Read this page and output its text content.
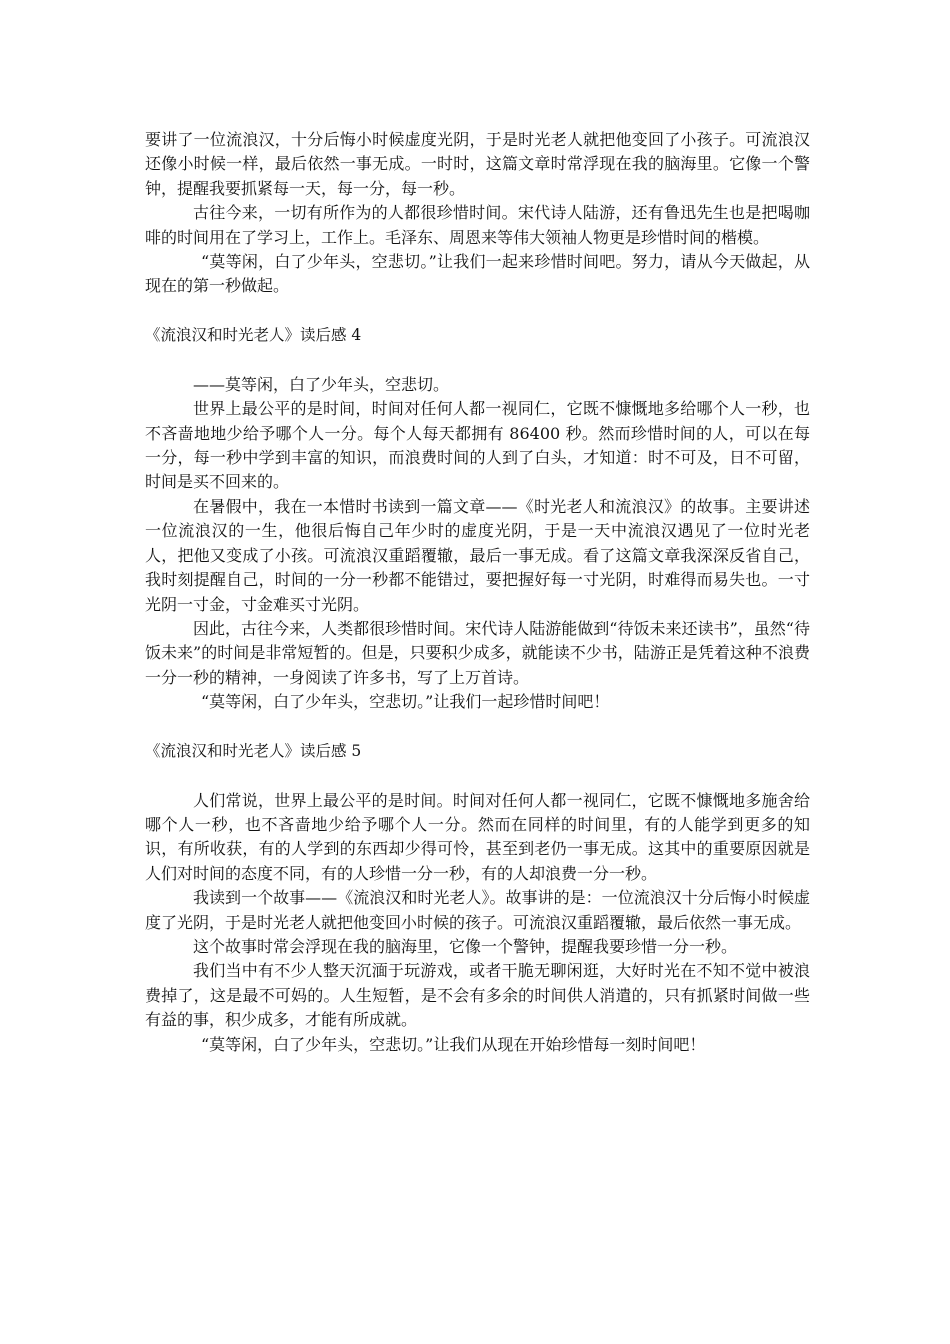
要讲了一位流浪汉，十分后悔小时候虚度光阴，于是时光老人就把他变回了小孩子。可流浪汉还像小时候一样，最后依然一事无成。一时时，这篇文章时常浮现在我的脑海里。它像一个警钟，提醒我要抓紧每一天，每一分，每一秒。

古往今来，一切有所作为的人都很珍惜时间。宋代诗人陆游，还有鲁迅先生也是把喝咖啡的时间用在了学习上，工作上。毛泽东、周恩来等伟大领袖人物更是珍惜时间的楷模。

“莫等闲，白了少年头，空悲切。”让我们一起来珍惜时间吧。努力，请从今天做起，从现在的第一秒做起。

《流浪汉和时光老人》读后感 4

——莫等闲，白了少年头，空悲切。

世界上最公平的是时间，时间对任何人都一视同仁，它既不慷慨地多给哪个人一秒，也不吝啬地地少给予哪个人一分。每个人每天都拥有 86400 秒。然而珍惜时间的人，可以在每一分，每一秒中学到丰富的知识，而浪费时间的人到了白头，才知道：时不可及，日不可留，时间是买不回来的。

在暑假中，我在一本惜时书读到一篇文章——《时光老人和流浪汉》的故事。主要讲述一位流浪汉的一生，他很后悔自己年少时的虚度光阴，于是一天中流浪汉遇见了一位时光老人，把他又变成了小孩。可流浪汉重蹈覆辙，最后一事无成。看了这篇文章我深深反省自己，我时刻提醒自己，时间的一分一秒都不能错过，要把握好每一寸光阴，时难得而易失也。一寸光阴一寸金，寸金难买寸光阴。

因此，古往今来，人类都很珍惜时间。宋代诗人陆游能做到“待饭未来还读书”，虽然“待饭未来”的时间是非常短暂的。但是，只要积少成多，就能读不少书，陆游正是凭着这种不浪费一分一秒的精神，一身阅读了许多书，写了上万首诗。

“莫等闲，白了少年头，空悲切。”让我们一起珍惜时间吧！

《流浪汉和时光老人》读后感 5

人们常说，世界上最公平的是时间。时间对任何人都一视同仁，它既不慷慨地多施舍给哪个人一秒，也不吝啬地少给予哪个人一分。然而在同样的时间里，有的人能学到更多的知识，有所收获，有的人学到的东西却少得可怜，甚至到老仍一事无成。这其中的重要原因就是人们对时间的态度不同，有的人珍惜一分一秒，有的人却浪费一分一秒。

我读到一个故事——《流浪汉和时光老人》。故事讲的是：一位流浪汉十分后悔小时候虚度了光阴，于是时光老人就把他变回小时候的孩子。可流浪汉重蹈覆辙，最后依然一事无成。

这个故事时常会浮现在我的脑海里，它像一个警钟，提醒我要珍惜一分一秒。

我们当中有不少人整天沉湎于玩游戏，或者干脆无聊闲逛，大好时光在不知不觉中被浪费掉了，这是最不可妈的。人生短暂，是不会有多余的时间供人消遣的，只有抓紧时间做一些有益的事，积少成多，才能有所成就。

“莫等闲，白了少年头，空悲切。”让我们从现在开始珍惜每一刻时间吧！
